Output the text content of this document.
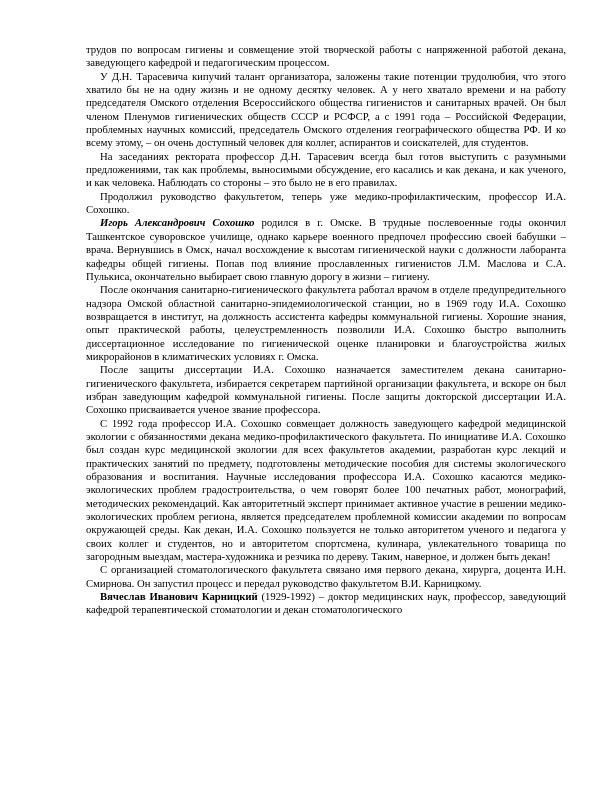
трудов по вопросам гигиены и совмещение этой творческой работы с напряженной работой декана, заведующего кафедрой и педагогическим процессом.

У Д.Н. Тарасевича кипучий талант организатора, заложены такие потенции трудолюбия, что этого хватило бы не на одну жизнь и не одному десятку человек. А у него хватало времени и на работу председателя Омского отделения Всероссийского общества гигиенистов и санитарных врачей. Он был членом Пленумов гигиенических обществ СССР и РСФСР, а с 1991 года – Российской Федерации, проблемных научных комиссий, председатель Омского отделения географического общества РФ. И ко всему этому, – он очень доступный человек для коллег, аспирантов и соискателей, для студентов.

На заседаниях ректората профессор Д.Н. Тарасевич всегда был готов выступить с разумными предложениями, так как проблемы, выносимыми обсуждение, его касались и как декана, и как ученого, и как человека. Наблюдать со стороны – это было не в его правилах.

Продолжил руководство факультетом, теперь уже медико-профилактическим, профессор И.А. Сохошко.

Игорь Александрович Сохошко родился в г. Омске. В трудные послевоенные годы окончил Ташкентское суворовское училище, однако карьере военного предпочел профессию своей бабушки – врача. Вернувшись в Омск, начал восхождение к высотам гигиенической науки с должности лаборанта кафедры общей гигиены. Попав под влияние прославленных гигиенистов Л.М. Маслова и С.А. Пулькиса, окончательно выбирает свою главную дорогу в жизни – гигиену.

После окончания санитарно-гигиенического факультета работал врачом в отделе предупредительного надзора Омской областной санитарно-эпидемиологической станции, но в 1969 году И.А. Сохошко возвращается в институт, на должность ассистента кафедры коммунальной гигиены. Хорошие знания, опыт практической работы, целеустремленность позволили И.А. Сохошко быстро выполнить диссертационное исследование по гигиенической оценке планировки и благоустройства жилых микрорайонов в климатических условиях г. Омска.

После защиты диссертации И.А. Сохошко назначается заместителем декана санитарно-гигиенического факультета, избирается секретарем партийной организации факультета, и вскоре он был избран заведующим кафедрой коммунальной гигиены. После защиты докторской диссертации И.А. Сохошко присваивается ученое звание профессора.

С 1992 года профессор И.А. Сохошко совмещает должность заведующего кафедрой медицинской экологии с обязанностями декана медико-профилактического факультета. По инициативе И.А. Сохошко был создан курс медицинской экологии для всех факультетов академии, разработан курс лекций и практических занятий по предмету, подготовлены методические пособия для системы экологического образования и воспитания. Научные исследования профессора И.А. Сохошко касаются медико-экологических проблем градостроительства, о чем говорят более 100 печатных работ, монографий, методических рекомендаций. Как авторитетный эксперт принимает активное участие в решении медико-экологических проблем региона, является председателем проблемной комиссии академии по вопросам окружающей среды. Как декан, И.А. Сохошко пользуется не только авторитетом ученого и педагога у своих коллег и студентов, но и авторитетом спортсмена, кулинара, увлекательного товарища по загородным выездам, мастера-художника и резчика по дереву. Таким, наверное, и должен быть декан!

С организацией стоматологического факультета связано имя первого декана, хирурга, доцента И.Н. Смирнова. Он запустил процесс и передал руководство факультетом В.И. Карницкому.

Вячеслав Иванович Карницкий (1929-1992) – доктор медицинских наук, профессор, заведующий кафедрой терапевтической стоматологии и декан стоматологического
